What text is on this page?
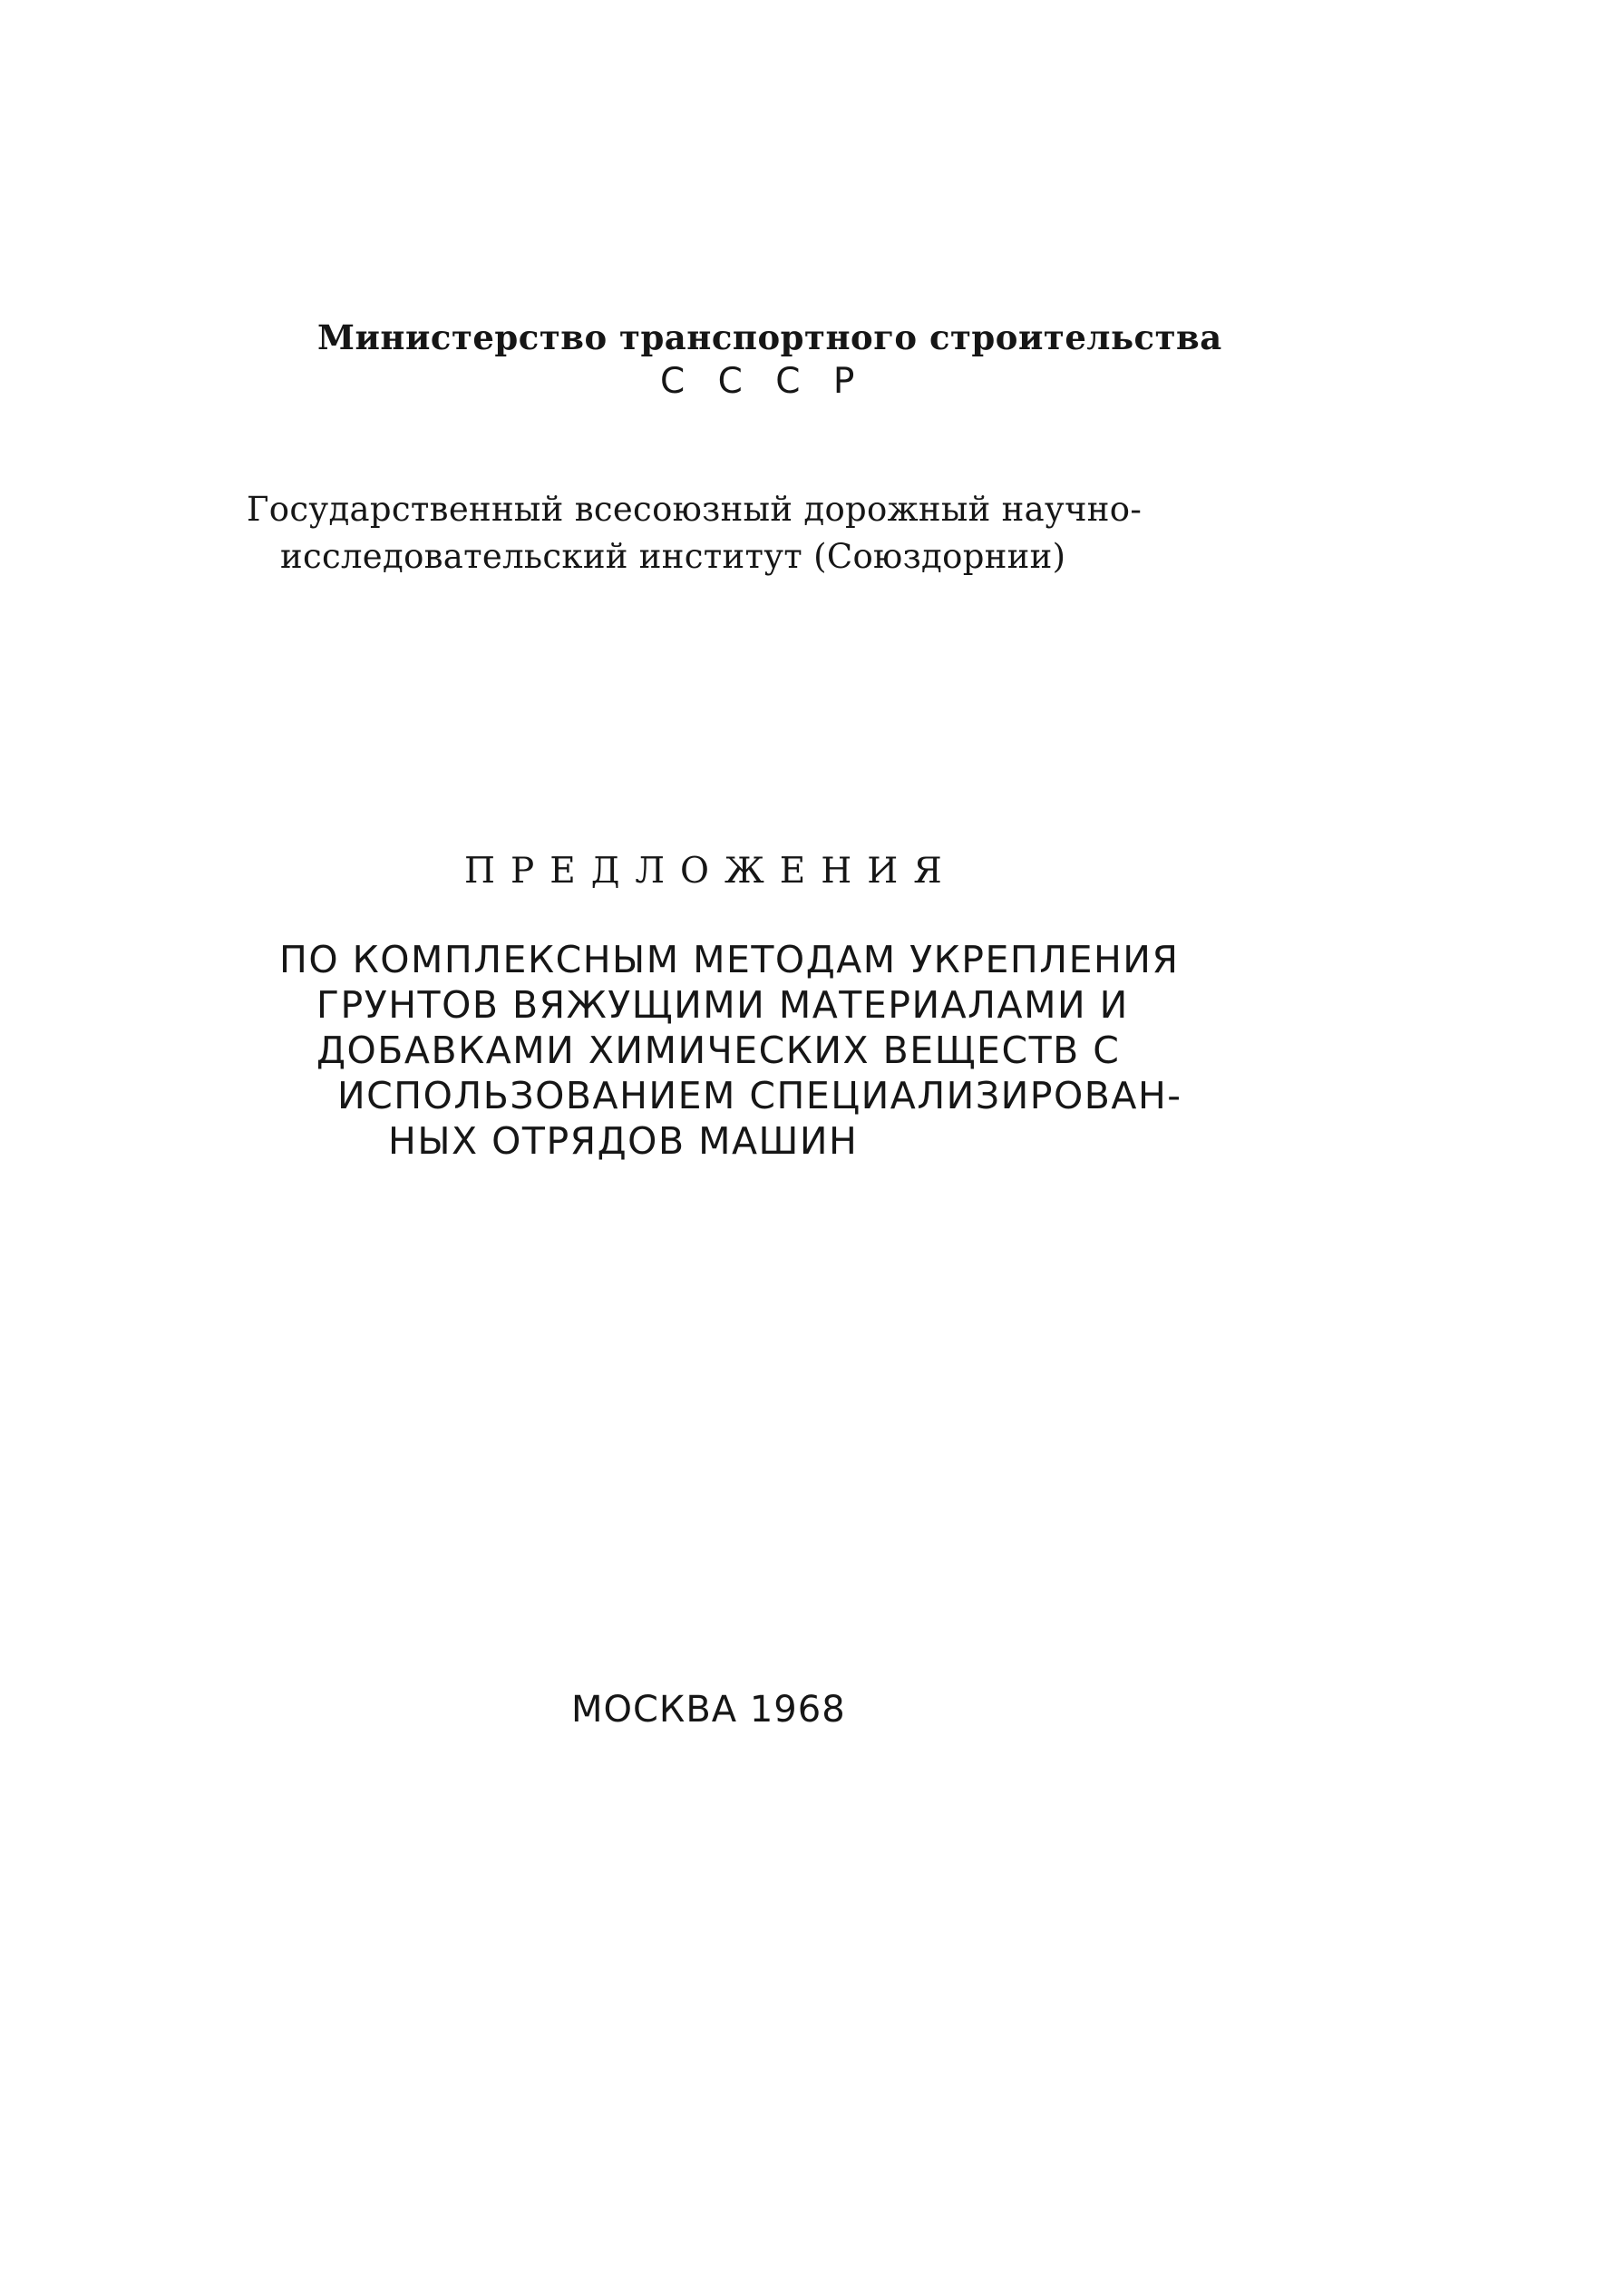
Министерство транспортного строительства
С С С Р
Государственный всесоюзный дорожный научно-
исследовательский институт (Союздорнии)
ПРЕДЛОЖЕНИЯ
ПО КОМПЛЕКСНЫМ МЕТОДАМ УКРЕПЛЕНИЯ
ГРУНТОВ ВЯЖУЩИМИ МАТЕРИАЛАМИ И
ДОБАВКАМИ ХИМИЧЕСКИХ ВЕЩЕСТВ С
ИСПОЛЬЗОВАНИЕМ СПЕЦИАЛИЗИРОВАН-
НЫХ ОТРЯДОВ МАШИН
МОСКВА 1968
